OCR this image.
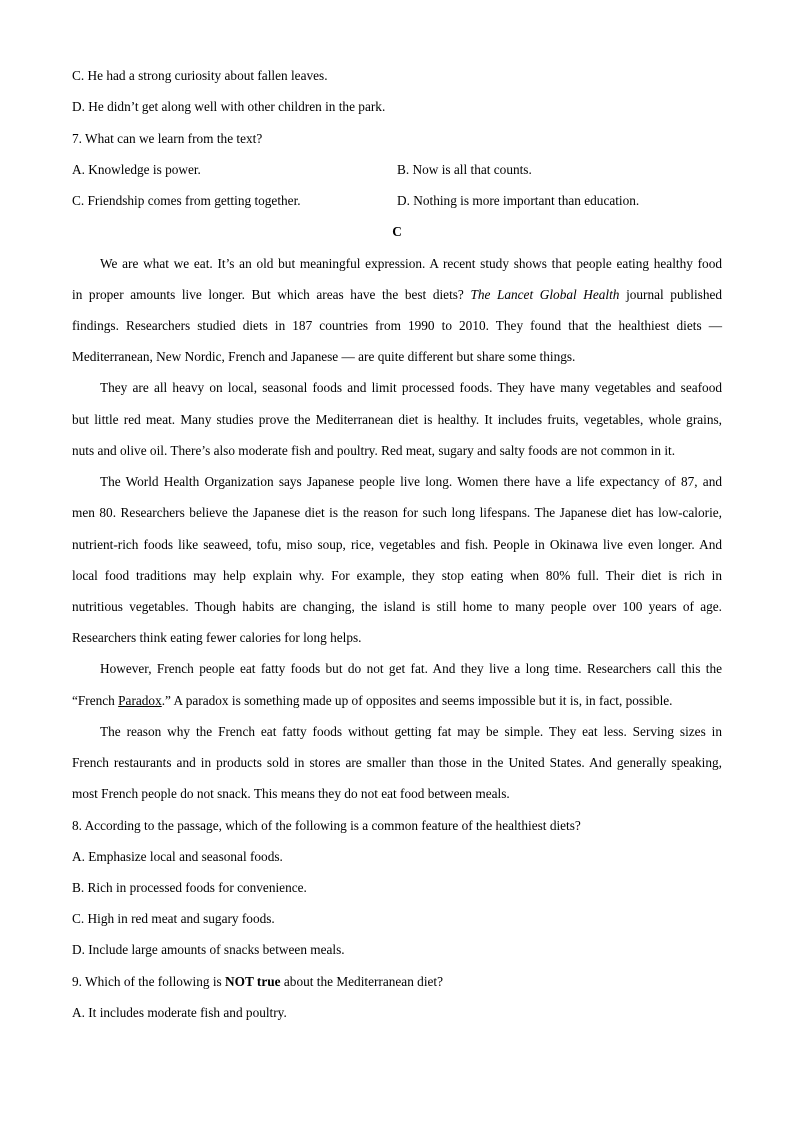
C. He had a strong curiosity about fallen leaves.
D. He didn’t get along well with other children in the park.
7. What can we learn from the text?
A. Knowledge is power.	B. Now is all that counts.
C. Friendship comes from getting together.	D. Nothing is more important than education.
C
We are what we eat. It’s an old but meaningful expression. A recent study shows that people eating healthy food
in proper amounts live longer. But which areas have the best diets? The Lancet Global Health journal published
findings. Researchers studied diets in 187 countries from 1990 to 2010. They found that the healthiest diets —
Mediterranean, New Nordic, French and Japanese — are quite different but share some things.
They are all heavy on local, seasonal foods and limit processed foods. They have many vegetables and seafood
but little red meat. Many studies prove the Mediterranean diet is healthy. It includes fruits, vegetables, whole grains,
nuts and olive oil. There’s also moderate fish and poultry. Red meat, sugary and salty foods are not common in it.
The World Health Organization says Japanese people live long. Women there have a life expectancy of 87, and
men 80. Researchers believe the Japanese diet is the reason for such long lifespans. The Japanese diet has low-calorie,
nutrient-rich foods like seaweed, tofu, miso soup, rice, vegetables and fish. People in Okinawa live even longer. And
local food traditions may help explain why. For example, they stop eating when 80% full. Their diet is rich in
nutritious vegetables. Though habits are changing, the island is still home to many people over 100 years of age.
Researchers think eating fewer calories for long helps.
However, French people eat fatty foods but do not get fat. And they live a long time. Researchers call this the
“French Paradox.” A paradox is something made up of opposites and seems impossible but it is, in fact, possible.
The reason why the French eat fatty foods without getting fat may be simple. They eat less. Serving sizes in
French restaurants and in products sold in stores are smaller than those in the United States. And generally speaking,
most French people do not snack. This means they do not eat food between meals.
8. According to the passage, which of the following is a common feature of the healthiest diets?
A. Emphasize local and seasonal foods.
B. Rich in processed foods for convenience.
C. High in red meat and sugary foods.
D. Include large amounts of snacks between meals.
9. Which of the following is NOT true about the Mediterranean diet?
A. It includes moderate fish and poultry.
